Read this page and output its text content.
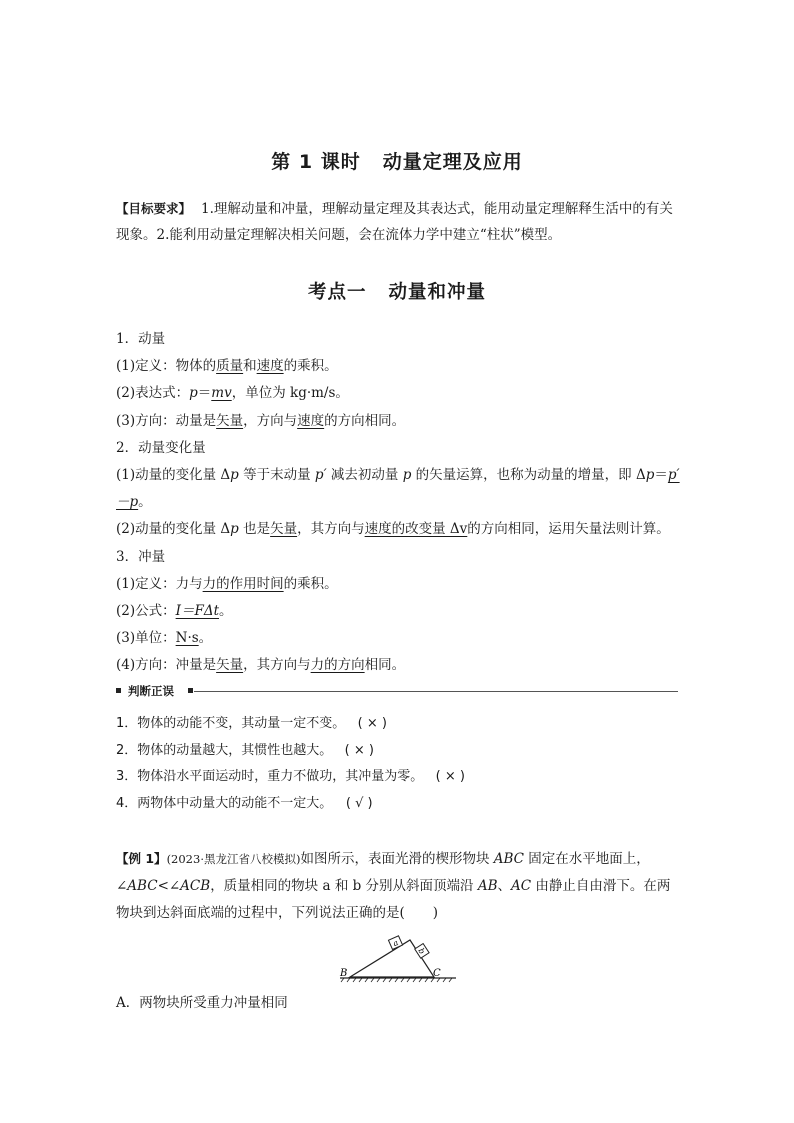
第 1 课时 动量定理及应用
【目标要求】 1.理解动量和冲量，理解动量定理及其表达式，能用动量定理解释生活中的有关现象。2.能利用动量定理解决相关问题，会在流体力学中建立“柱状”模型。
考点一 动量和冲量

1．动量

(1)定义：物体的质量和速度的乘积。

(2)表达式：p＝mv，单位为 kg·m/s。

(3)方向：动量是矢量，方向与速度的方向相同。

2．动量变化量

(1)动量的变化量 Δp 等于末动量 p′ 减去初动量 p 的矢量运算，也称为动量的增量，即 Δp＝p′－p。

(2)动量的变化量 Δp 也是矢量，其方向与速度的改变量 Δv的方向相同，运用矢量法则计算。

3．冲量

(1)定义：力与力的作用时间的乘积。

(2)公式：I＝FΔt。

(3)单位：N·s。

(4)方向：冲量是矢量，其方向与力的方向相同。

判断正误

1．物体的动能不变，其动量一定不变。 ( × )

2．物体的动量越大，其惯性也越大。 ( × )

3．物体沿水平面运动时，重力不做功，其冲量为零。 ( × )

4．两物体中动量大的动能不一定大。 ( √ )

【例 1】(2023·黑龙江省八校模拟)如图所示，表面光滑的楔形物块 ABC 固定在水平地面上，∠ABC<∠ACB，质量相同的物块 a 和 b 分别从斜面顶端沿 AB、AC 由静止自由滑下。在两物块到达斜面底端的过程中，下列说法正确的是( )

a
b
B	C
A．两物块所受重力冲量相同
